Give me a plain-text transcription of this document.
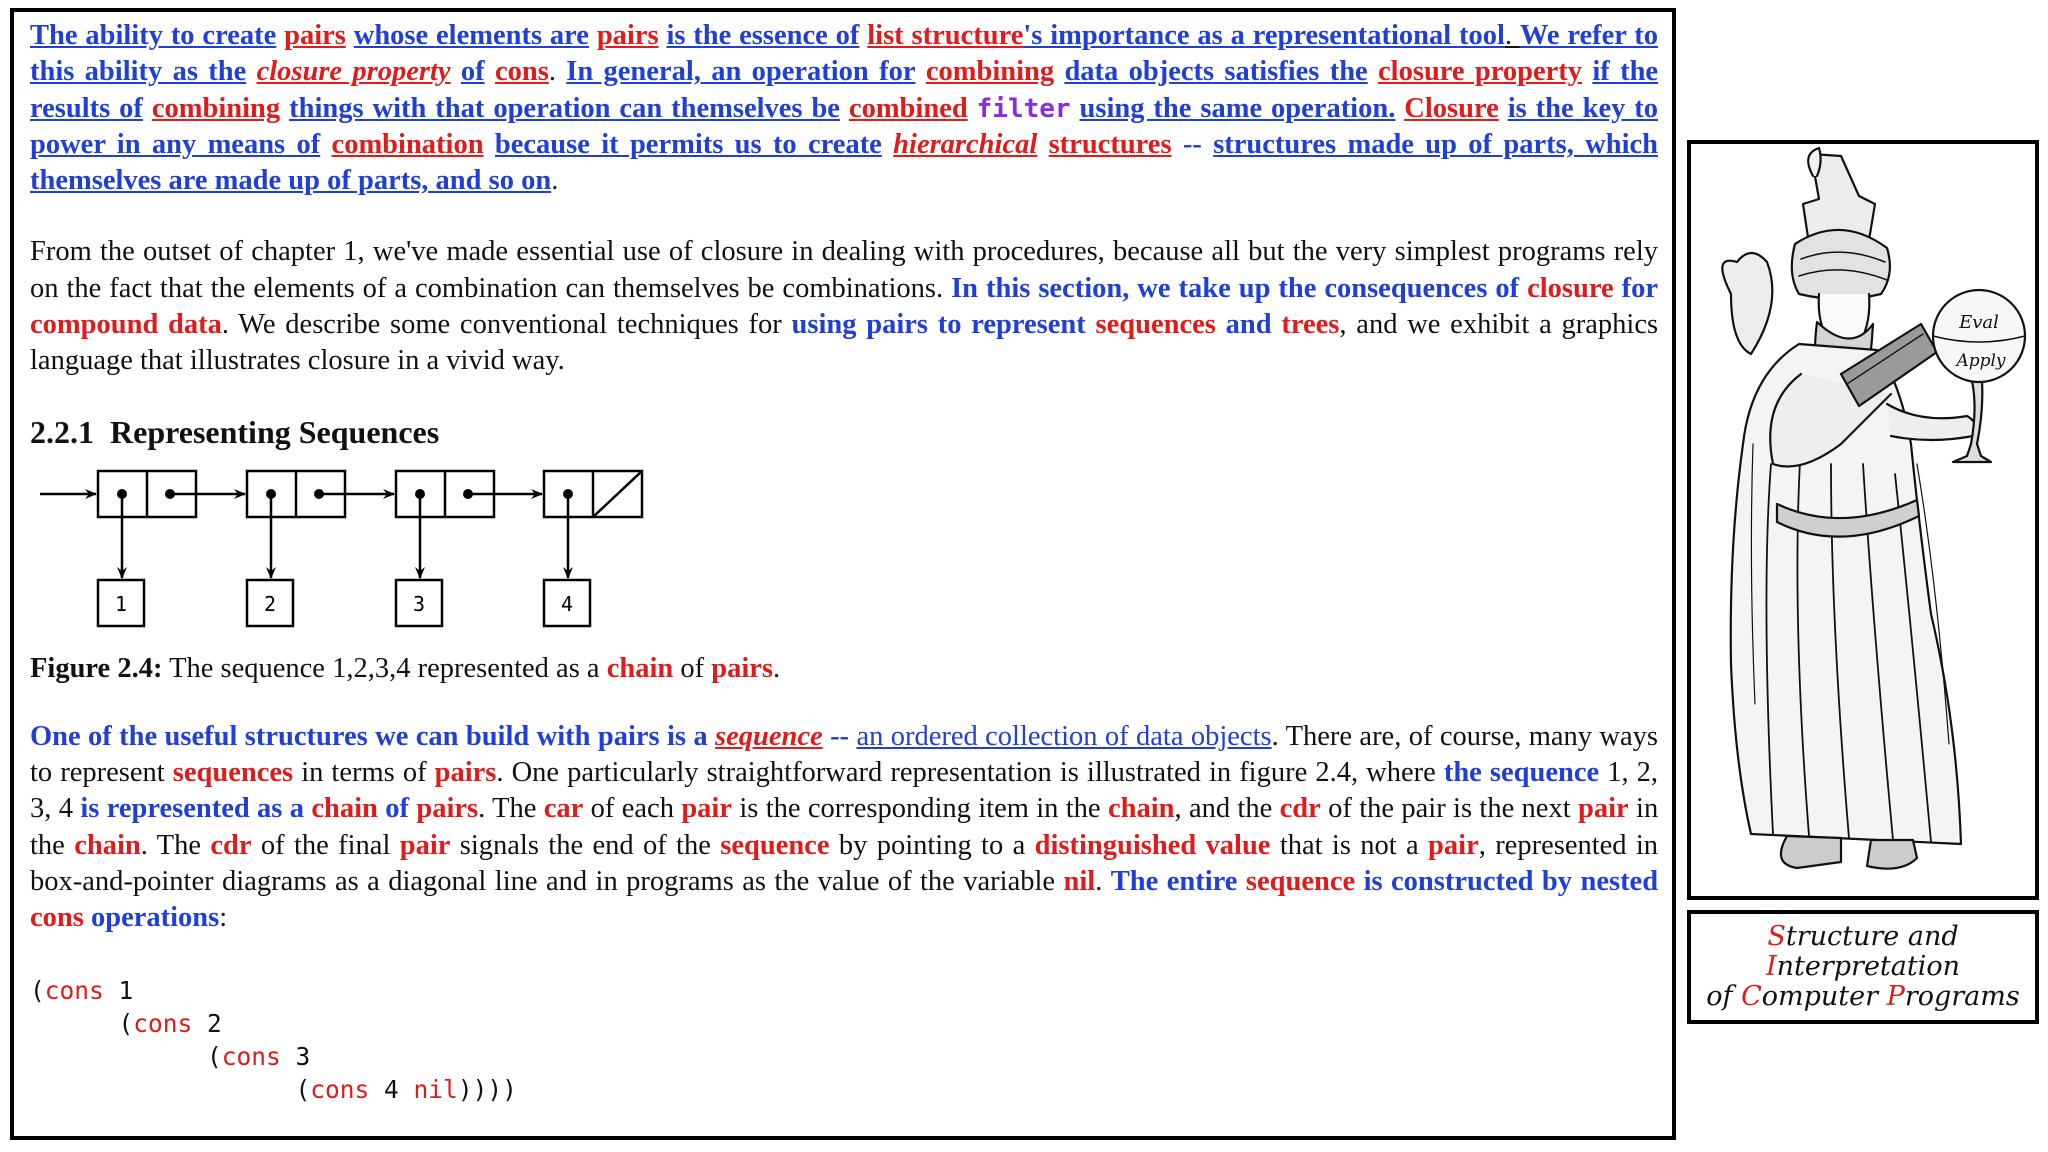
The ability to create pairs whose elements are pairs is the essence of list structure's importance as a representational tool. We refer to this ability as the closure property of cons. In general, an operation for combining data objects satisfies the closure property if the results of combining things with that operation can themselves be combined filter using the same operation. Closure is the key to power in any means of combination because it permits us to create hierarchical structures -- structures made up of parts, which themselves are made up of parts, and so on.

From the outset of chapter 1, we've made essential use of closure in dealing with procedures, because all but the very simplest programs rely on the fact that the elements of a combination can themselves be combinations. In this section, we take up the consequences of closure for compound data. We describe some conventional techniques for using pairs to represent sequences and trees, and we exhibit a graphics language that illustrates closure in a vivid way.

2.2.1 Representing Sequences
1	2	3	4

Figure 2.4: The sequence 1,2,3,4 represented as a chain of pairs.

One of the useful structures we can build with pairs is a sequence -- an ordered collection of data objects. There are, of course, many ways to represent sequences in terms of pairs. One particularly straightforward representation is illustrated in figure 2.4, where the sequence 1, 2, 3, 4 is represented as a chain of pairs. The car of each pair is the corresponding item in the chain, and the cdr of the pair is the next pair in the chain. The cdr of the final pair signals the end of the sequence by pointing to a distinguished value that is not a pair, represented in box-and-pointer diagrams as a diagonal line and in programs as the value of the variable nil. The entire sequence is constructed by nested cons operations:

(cons 1
(cons 2
(cons 3
(cons 4 nil))))
Eval
Apply
Structure and
Interpretation
of Computer Programs
